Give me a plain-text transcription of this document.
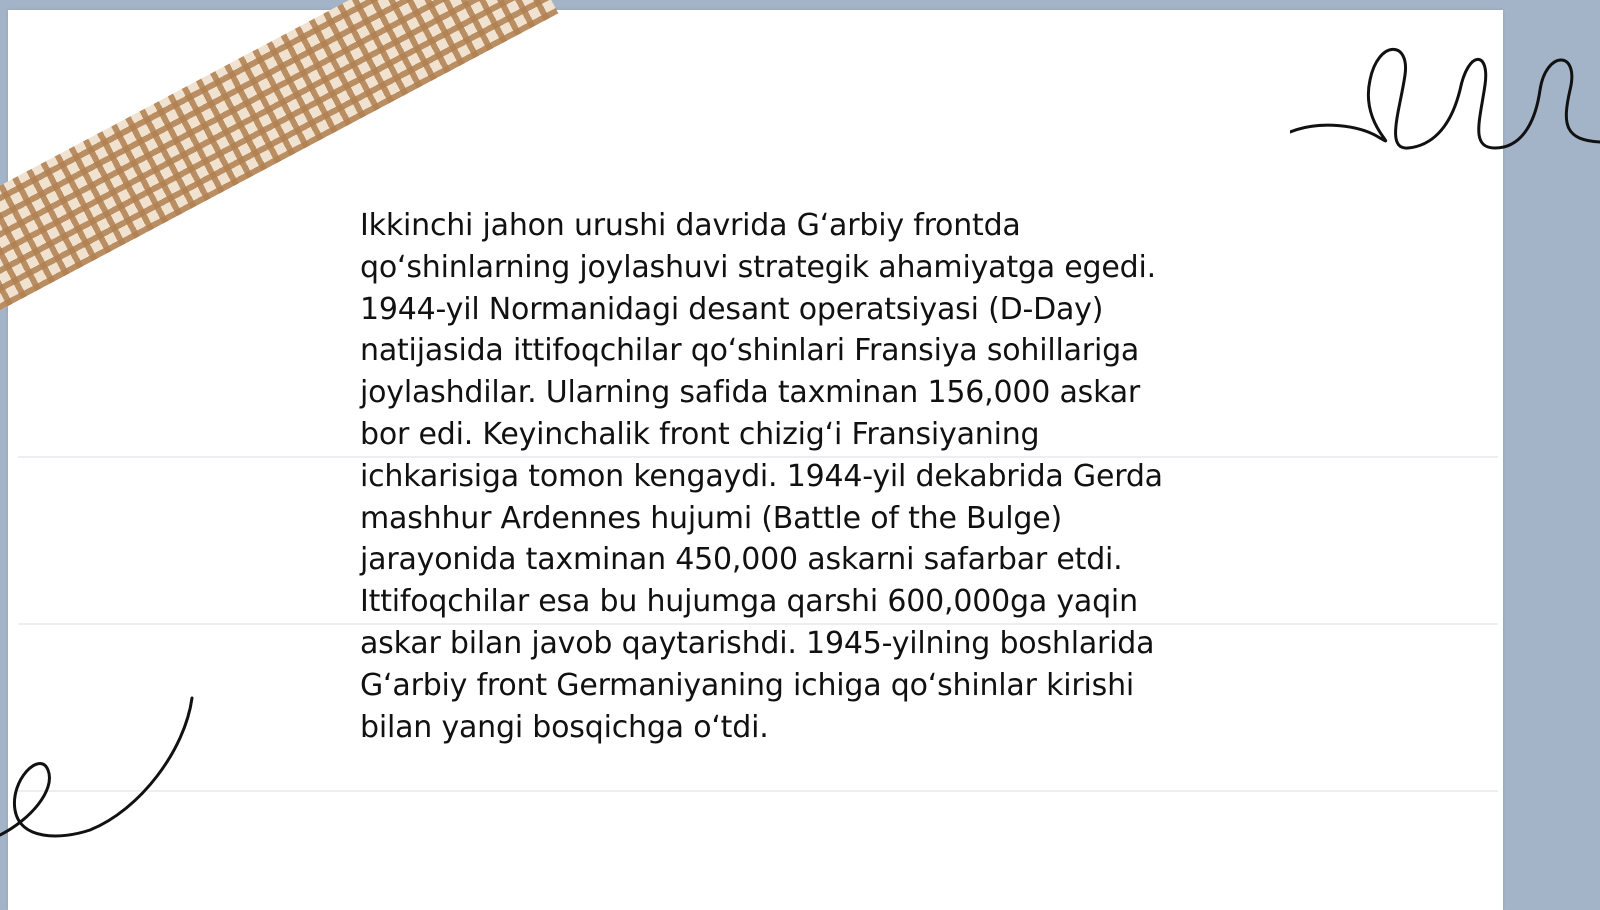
Ikkinchi jahon urushi davrida G‘arbiy frontda
qo‘shinlarning joylashuvi strategik ahamiyatga egedi.
1944-yil Normanidagi desant operatsiyasi (D-Day)
natijasida ittifoqchilar qo‘shinlari Fransiya sohillariga
joylashdilar. Ularning safida taxminan 156,000 askar
bor edi. Keyinchalik front chizig‘i Fransiyaning
ichkarisiga tomon kengaydi. 1944-yil dekabrida Gerda
mashhur Ardennes hujumi (Battle of the Bulge)
jarayonida taxminan 450,000 askarni safarbar etdi.
Ittifoqchilar esa bu hujumga qarshi 600,000ga yaqin
askar bilan javob qaytarishdi. 1945-yilning boshlarida
G‘arbiy front Germaniyaning ichiga qo‘shinlar kirishi
bilan yangi bosqichga o‘tdi.
